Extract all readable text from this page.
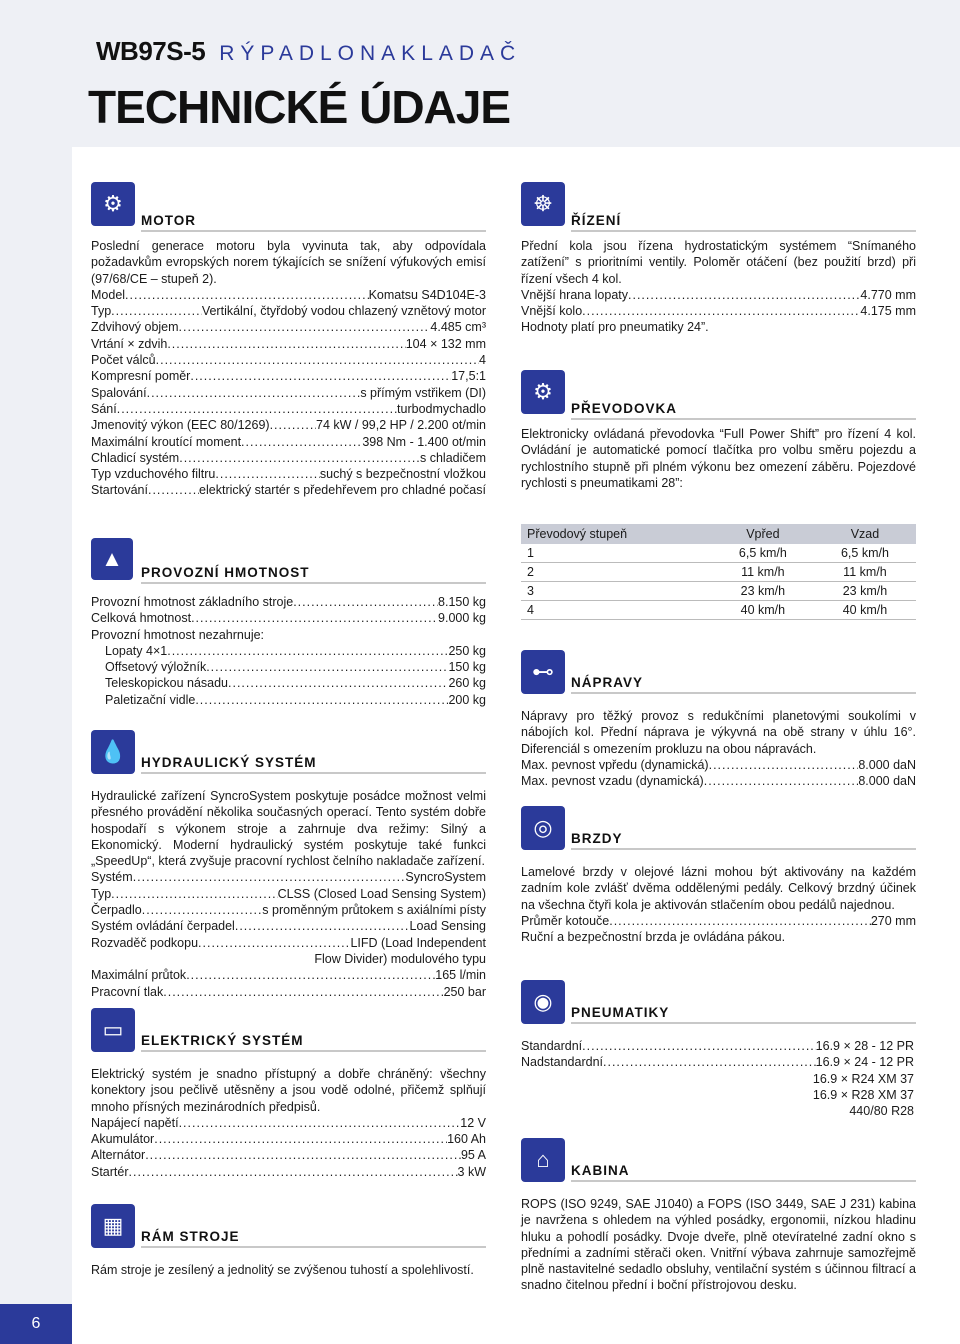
6
WB97S-5 RÝPADLONAKLADAČ
TECHNICKÉ ÚDAJE
⚙
MOTOR

Poslední generace motoru byla vyvinuta tak, aby odpovídala požadavkům evropských norem týkajících se snížení výfukových emisí (97/68/CE – stupeň 2).

Model .....	Komatsu S4D104E-3
Typ .....	Vertikální, čtyřdobý vodou chlazený vznětový motor
Zdvihový objem .....	4.485 cm³
Vrtání × zdvih .....	104 × 132 mm
Počet válců .....	4
Kompresní poměr .....	17,5:1
Spalování .....	s přímým vstřikem (DI)
Sání .....	turbodmychadlo
Jmenovitý výkon (EEC 80/1269) .....	74 kW / 99,2 HP / 2.200 ot/min
Maximální kroutící moment .....	398 Nm - 1.400 ot/min
Chladicí systém .....	s chladičem
Typ vzduchového filtru .....	suchý s bezpečnostní vložkou
Startování .....	elektrický startér s předehřevem pro chladné počasí
☸
ŘÍZENÍ

Přední kola jsou řízena hydrostatickým systémem “Snímaného zatížení” s prioritními ventily. Poloměr otáčení (bez použití brzd) při řízení všech 4 kol.

Vnější hrana lopaty .....	4.770 mm
Vnější kolo .....	4.175 mm

Hodnoty platí pro pneumatiky 24”.

⚙
PŘEVODOVKA

Elektronicky ovládaná převodovka “Full Power Shift” pro řízení 4 kol. Ovládání je automatické pomocí tlačítka pro volbu směru pojezdu a rychlostního stupně při plném výkonu bez omezení záběru. Pojezdové rychlosti s pneumatikami 28”:

Převodový stupeň	Vpřed	Vzad
1	6,5 km/h	6,5 km/h
2	11 km/h	11 km/h
3	23 km/h	23 km/h
4	40 km/h	40 km/h
▲
PROVOZNÍ HMOTNOST
Provozní hmotnost základního stroje .....	8.150 kg
Celková hmotnost .....	9.000 kg
Provozní hmotnost nezahrnuje:
Lopaty 4×1 .....	250 kg
Offsetový výložník .....	150 kg
Teleskopickou násadu .....	260 kg
Paletizační vidle .....	200 kg
⊷	NÁPRAVY

Nápravy pro těžký provoz s redukčními planetovými soukolími v nábojích kol. Přední náprava je výkyvná na obě strany v úhlu 16°. Diferenciál s omezením prokluzu na obou nápravách.

Max. pevnost vpředu (dynamická) .....	8.000 daN
Max. pevnost vzadu (dynamická) .....	8.000 daN
💧	HYDRAULICKÝ SYSTÉM

Hydraulické zařízení SyncroSystem poskytuje posádce možnost velmi přesného provádění několika současných operací. Tento systém dobře hospodaří s výkonem stroje a zahrnuje dva režimy: Silný a Ekonomický. Moderní hydraulický systém poskytuje také funkci „SpeedUp“, která zvyšuje pracovní rychlost čelního nakladače zařízení.

Systém .....	SyncroSystem
Typ .....	CLSS (Closed Load Sensing System)
Čerpadlo .....	s proměnným průtokem s axiálními písty
Systém ovládání čerpadel .....	Load Sensing
Rozvaděč podkopu .....	LIFD (Load Independent
Flow Divider) modulového typu
Maximální průtok .....	165 l/min
Pracovní tlak .....	250 bar
◎	BRZDY

Lamelové brzdy v olejové lázni mohou být aktivovány na každém zadním kole zvlášť dvěma oddělenými pedály. Celkový brzdný účinek na všechna čtyři kola je aktivován stlačením obou pedálů najednou.

Průměr kotouče .....	270 mm

Ruční a bezpečnostní brzda je ovládána pákou.

◉	PNEUMATIKY
Standardní .....	16.9 × 28 - 12 PR
Nadstandardní .....	16.9 × 24 - 12 PR
16.9 × R24 XM 37
16.9 × R28 XM 37
440/80 R28
▭	ELEKTRICKÝ SYSTÉM

Elektrický systém je snadno přístupný a dobře chráněný: všechny konektory jsou pečlivě utěsněny a jsou vodě odolné, přičemž splňují mnoho přísných mezinárodních předpisů.

Napájecí napětí .....	12 V
Akumulátor .....	160 Ah
Alternátor .....	95 A
Startér .....	3 kW	⌂	KABINA

ROPS (ISO 9249, SAE J1040) a FOPS (ISO 3449, SAE J 231) kabina je navržena s ohledem na výhled posádky, ergonomii, nízkou hladinu hluku a pohodlí posádky. Dvoje dveře, plně otevíratelné zadní okno s předními a zadními stěrači oken. Vnitřní výbava zahrnuje samozřejmě plně nastavitelné sedadlo obsluhy, ventilační systém s účinnou filtrací a snadno čitelnou přední i boční přístrojovou desku.

▦	RÁM STROJE

Rám stroje je zesílený a jednolitý se zvýšenou tuhostí a spolehlivostí.
